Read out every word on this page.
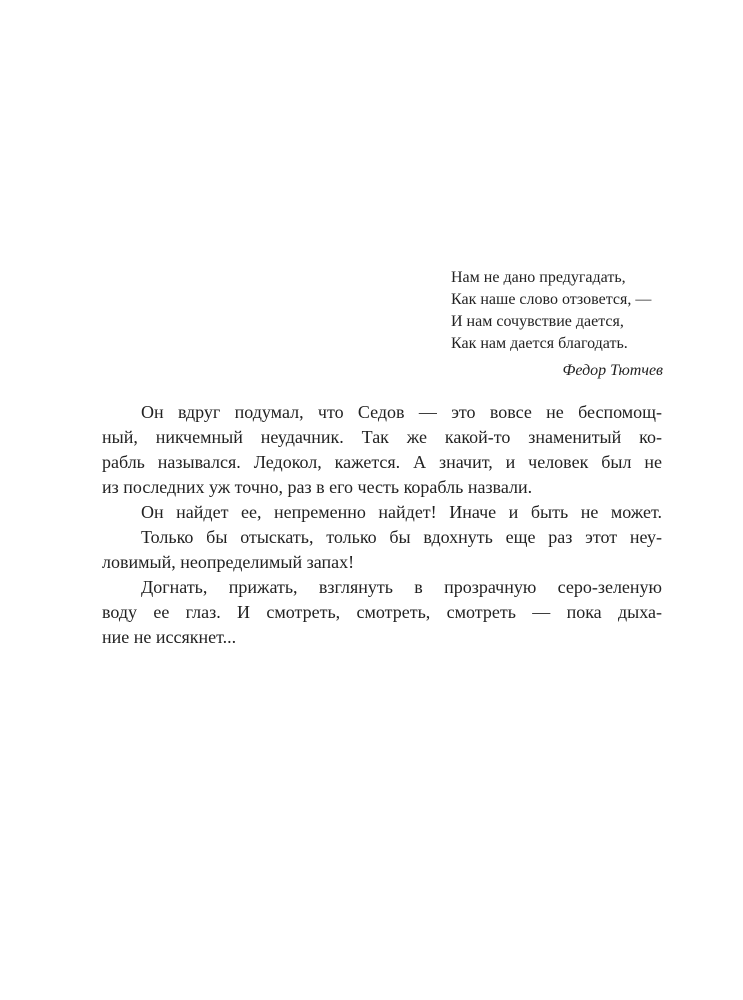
Нам не дано предугадать,
Как наше слово отзовется, —
И нам сочувствие дается,
Как нам дается благодать.
Федор Тютчев
Он вдруг подумал, что Седов — это вовсе не беспомощ-
ный, никчемный неудачник. Так же какой-то знаменитый ко-
рабль назывался. Ледокол, кажется. А значит, и человек был не
из последних уж точно, раз в его честь корабль назвали.
Он найдет ее, непременно найдет! Иначе и быть не может.
Только бы отыскать, только бы вдохнуть еще раз этот неу-
ловимый, неопределимый запах!
Догнать, прижать, взглянуть в прозрачную серо-зеленую
воду ее глаз. И смотреть, смотреть, смотреть — пока дыха-
ние не иссякнет...
